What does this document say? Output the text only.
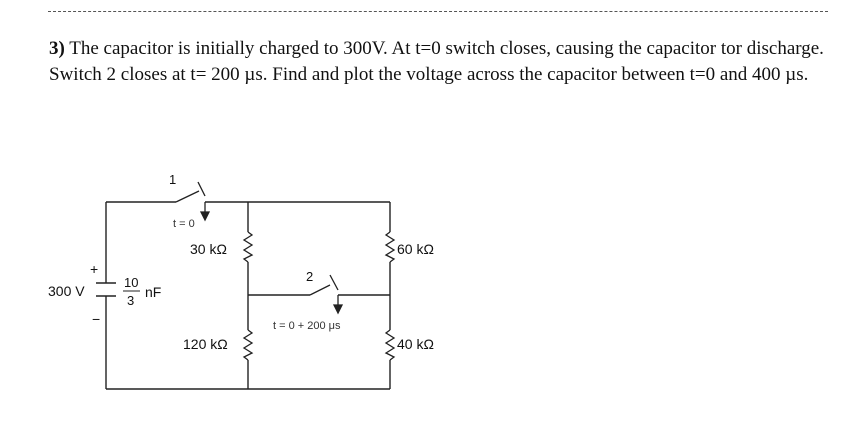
3) The capacitor is initially charged to 300V. At t=0 switch closes, causing the capacitor tor discharge. Switch 2 closes at t= 200 µs. Find and plot the voltage across the capacitor between t=0 and 400 µs.

1
t = 0
30 kΩ
120 kΩ
60 kΩ
40 kΩ
2
t = 0 + 200 μs
300 V
+
−
10
3
nF
